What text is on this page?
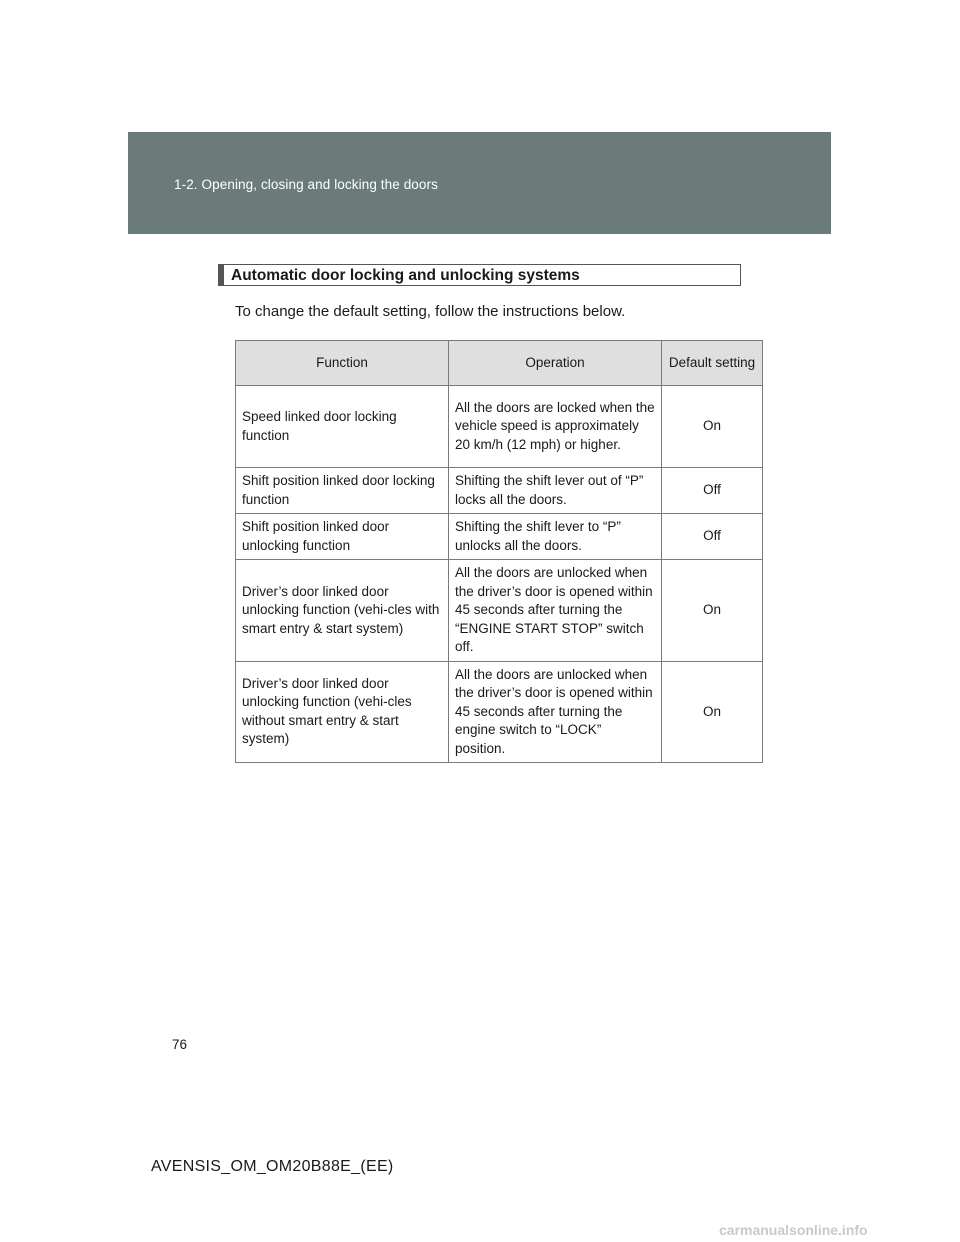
1-2. Opening, closing and locking the doors
Automatic door locking and unlocking systems
To change the default setting, follow the instructions below.
Function	Operation	Default setting
Speed linked door locking function	All the doors are locked when the vehicle speed is approximately 20 km/h (12 mph) or higher.	On
Shift position linked door locking function	Shifting the shift lever out of “P” locks all the doors.	Off
Shift position linked door unlocking function	Shifting the shift lever to “P” unlocks all the doors.	Off
Driver’s door linked door unlocking function (vehi-cles with smart entry & start system)	All the doors are unlocked when the driver’s door is opened within 45 seconds after turning the “ENGINE START STOP” switch off.	On
Driver’s door linked door unlocking function (vehi-cles without smart entry & start system)	All the doors are unlocked when the driver’s door is opened within 45 seconds after turning the engine switch to “LOCK” position.	On
76
AVENSIS_OM_OM20B88E_(EE)
carmanualsonline.info
